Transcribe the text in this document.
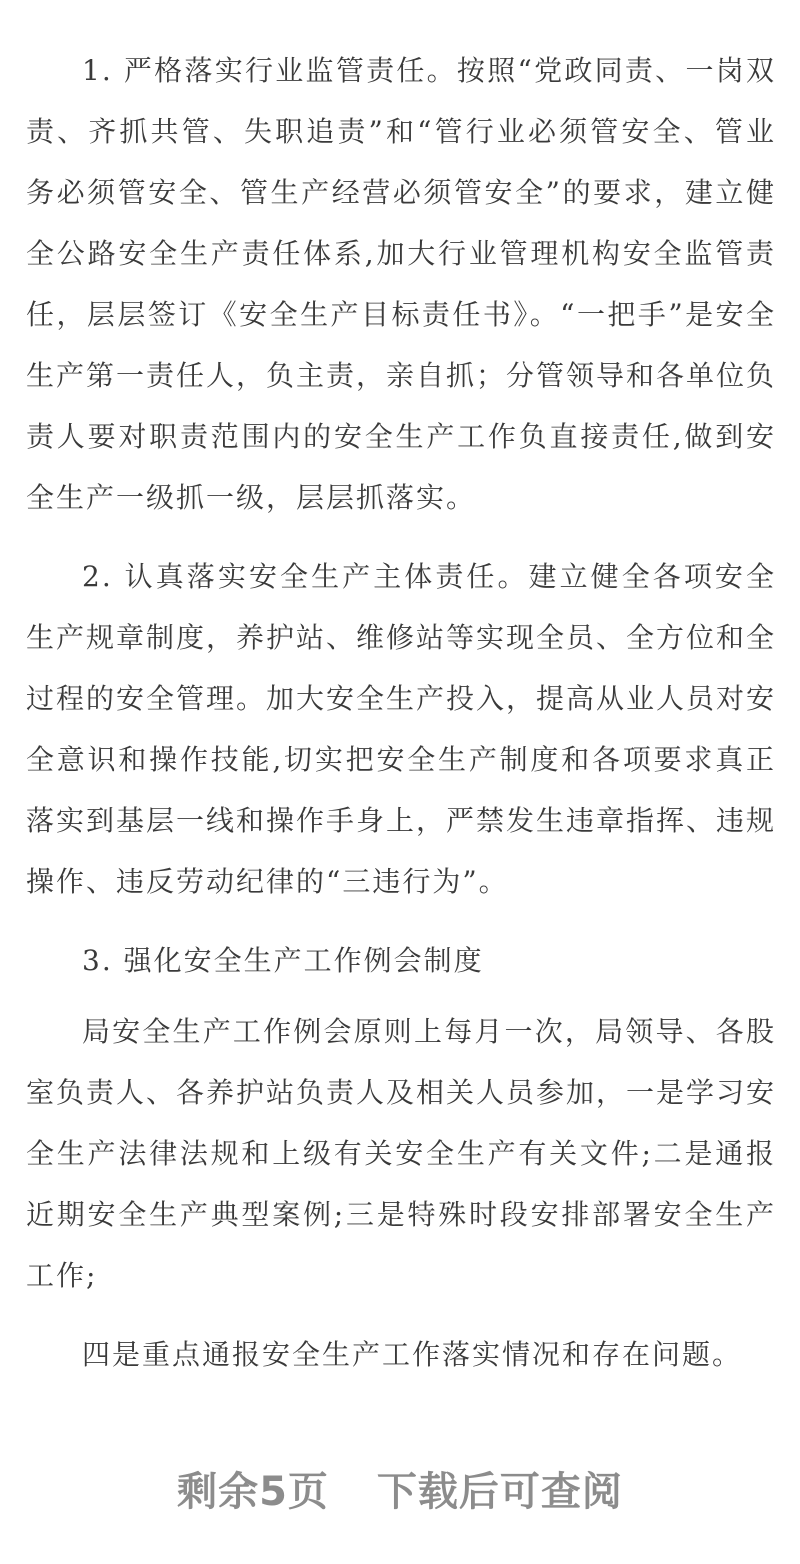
1. 严格落实行业监管责任。按照“党政同责、一岗双责、齐抓共管、失职追责”和“管行业必须管安全、管业务必须管安全、管生产经营必须管安全”的要求，建立健全公路安全生产责任体系,加大行业管理机构安全监管责任，层层签订《安全生产目标责任书》。“一把手”是安全生产第一责任人，负主责，亲自抓；分管领导和各单位负责人要对职责范围内的安全生产工作负直接责任,做到安全生产一级抓一级，层层抓落实。

2. 认真落实安全生产主体责任。建立健全各项安全生产规章制度，养护站、维修站等实现全员、全方位和全过程的安全管理。加大安全生产投入，提高从业人员对安全意识和操作技能,切实把安全生产制度和各项要求真正落实到基层一线和操作手身上，严禁发生违章指挥、违规操作、违反劳动纪律的“三违行为”。

3. 强化安全生产工作例会制度

局安全生产工作例会原则上每月一次，局领导、各股室负责人、各养护站负责人及相关人员参加，一是学习安全生产法律法规和上级有关安全生产有关文件;二是通报近期安全生产典型案例;三是特殊时段安排部署安全生产工作;

四是重点通报安全生产工作落实情况和存在问题。

剩余5页 下载后可查阅
